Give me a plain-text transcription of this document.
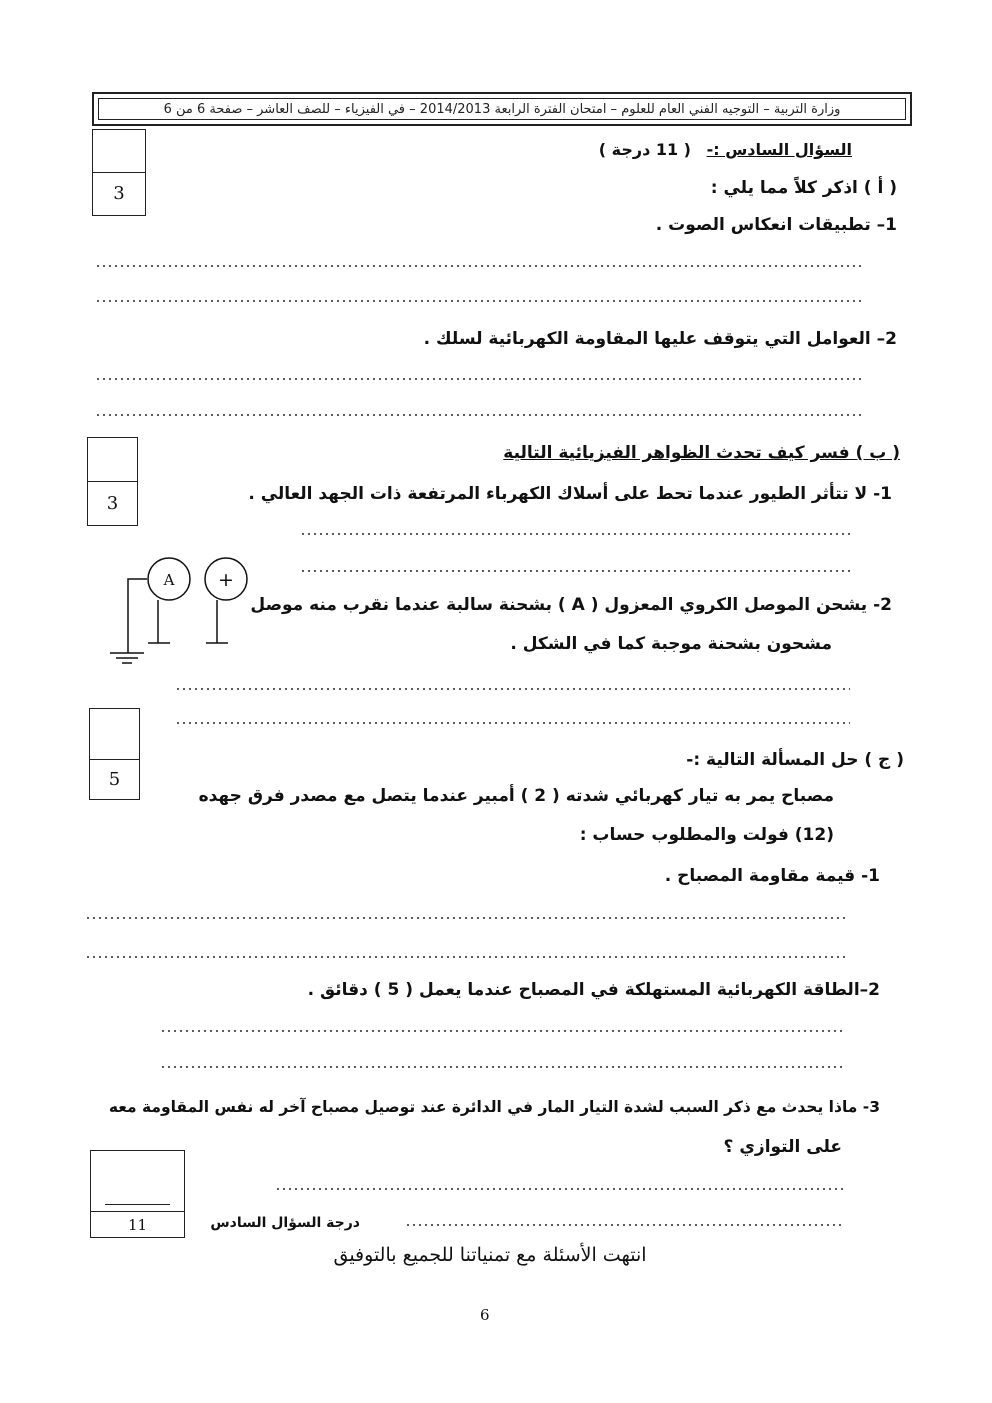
وزارة التربية – التوجيه الفني العام للعلوم – امتحان الفترة الرابعة 2014/2013 – في الفيزياء – للصف العاشر – صفحة 6 من 6
السؤال السادس :- ( 11 درجة )
3	( أ ) اذكر كلاً مما يلي :
1– تطبيقات انعكاس الصوت .
2– العوامل التي يتوقف عليها المقاومة الكهربائية لسلك .
3
( ب ) فسر كيف تحدث الظواهر الفيزيائية التالية
1- لا تتأثر الطيور عندما تحط على أسلاك الكهرباء المرتفعة ذات الجهد العالي .
2- يشحن الموصل الكروي المعزول ( A ) بشحنة سالبة عندما نقرب منه موصل
مشحون بشحنة موجبة كما في الشكل .
A +
5
( ج ) حل المسألة التالية :-
مصباح يمر به تيار كهربائي شدته ( 2 ) أمبير عندما يتصل مع مصدر فرق جهده
(12) فولت والمطلوب حساب :
1- قيمة مقاومة المصباح .
2–الطاقة الكهربائية المستهلكة في المصباح عندما يعمل ( 5 ) دقائق .
3- ماذا يحدث مع ذكر السبب لشدة التيار المار في الدائرة عند توصيل مصباح آخر له نفس المقاومة معه
على التوازي ؟
11	درجة السؤال السادس
انتهت الأسئلة مع تمنياتنا للجميع بالتوفيق
6
